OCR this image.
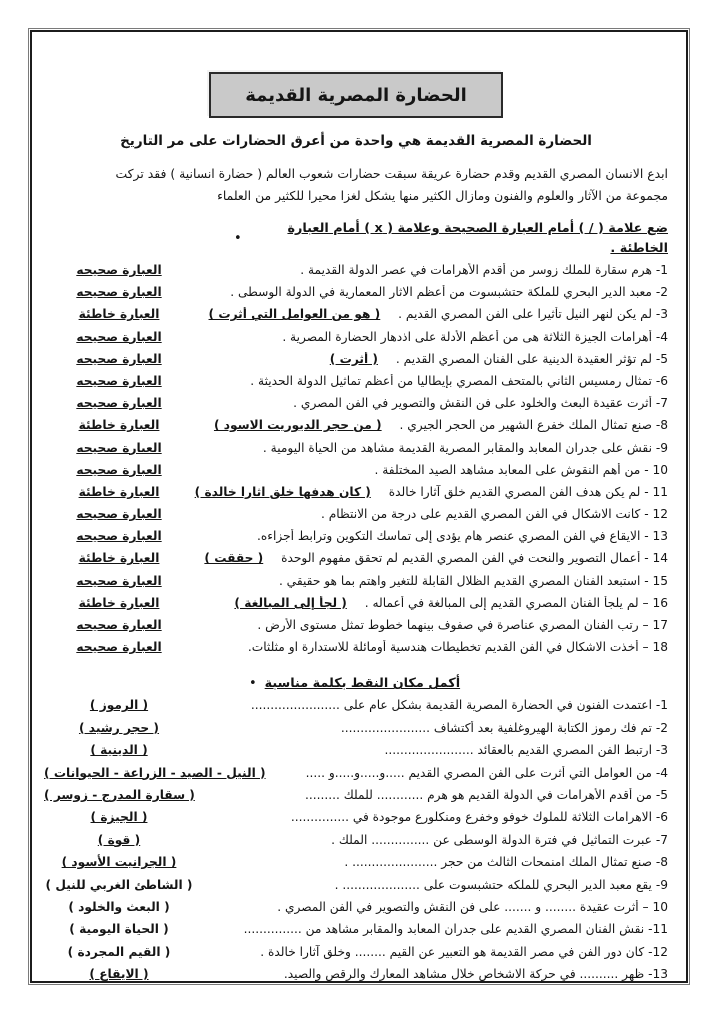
الحضارة المصرية القديمة
الحضارة المصرية القديمة هي واحدة من أعرق الحضارات على مر التاريخ
ابدع الانسان المصري القديم وقدم حضارة عريقة سبقت حضارات شعوب العالم ( حضارة انسانية ) فقد تركت
مجموعة من الآثار والعلوم والفنون ومازال الكثير منها يشكل لغزا محيرا للكثير من العلماء
•
ضع علامة ( / ) أمام العبارة الصحيحة وعلامة ( x ) أمام العبارة الخاطئة .
1- هرم سقارة للملك زوسر من أقدم الأهرامات في عصر الدولة القديمة .
العبارة صحيحه
2- معبد الدير البحري للملكة حتشبسوت من أعظم الاثار المعمارية في الدولة الوسطى .
العبارة صحيحه
3- لم يكن لنهر النيل تأثيرا على الفن المصري القديم . ( هو من العوامل التي أثرت )
العبارة خاطئة
4- أهرامات الجيزة الثلاثة هى من أعظم الأدلة على اذدهار الحضارة المصرية .
العبارة صحيحه
5- لم تؤثر العقيدة الدينية على الفنان المصري القديم . ( أثرت )
العبارة صحيحه
6- تمثال رمسيس الثاني بالمتحف المصري بإيطاليا من أعظم تماثيل الدولة الحديثة .
العبارة صحيحه
7- أثرت عقيدة البعث والخلود على فن النقش والتصوير في الفن المصري .
العبارة صحيحه
8- صنع تمثال الملك خفرع الشهير من الحجر الجيري . ( من حجر الديوريت الاسود )
العبارة خاطئة
9- نقش على جدران المعابد والمقابر المصرية القديمة مشاهد من الحياة اليومية .
العبارة صحيحه
10 - من أهم النقوش على المعابد مشاهد الصيد المختلفة .
العبارة صحيحه
11 - لم يكن هدف الفن المصري القديم خلق آثارا خالدة ( كان هدفها خلق اثارا خالدة )
العبارة خاطئة
12 - كانت الاشكال في الفن المصري القديم على درجة من الانتظام .
العبارة صحيحه
13 - الايقاع في الفن المصري عنصر هام يؤدى إلى تماسك التكوين وترابط أجزاءه.
العبارة صحيحه
14 - أعمال التصوير والنحت في الفن المصري القديم لم تحقق مفهوم الوحدة ( حققت )
العبارة خاطئة
15 - استبعد الفنان المصري القديم الظلال القابلة للتغير واهتم بما هو حقيقي .
العبارة صحيحه
16 – لم يلجأ الفنان المصري القديم إلى المبالغة في أعماله . ( لجأ إلى المبالغة )
العبارة خاطئة
17 – رتب الفنان المصري عناصرة في صفوف بينهما خطوط تمثل مستوى الأرض .
العبارة صحيحه
18 – أخذت الاشكال في الفن القديم تخطيطات هندسية أومائلة للاستدارة او مثلثات.
العبارة صحيحه
• أكمل مكان النقط بكلمة مناسبة
1- اعتمدت الفنون في الحضارة المصرية القديمة بشكل عام على .......................
( الرموز )
2- تم فك رموز الكتابة الهيروغلفية بعد أكتشاف .......................
( حجر رشيد )
3- ارتبط الفن المصري القديم بالعقائد .......................
( الدينية )
4- من العوامل التي أثرت على الفن المصري القديم .....و.....و.....و .....
( النيل - الصيد - الزراعة - الحيوانات )
5- من أقدم الأهرامات في الدولة القديم هو هرم ............ للملك .........
( سقارة المدرج - زوسر )
6- الاهرامات الثلاثة للملوك خوفو وخفرع ومنكلورع موجودة في ...............
( الجيزة )
7- عبرت التماثيل في فترة الدولة الوسطى عن ............... الملك .
( قوة )
8- صنع تمثال الملك امنمحات الثالث من حجر ...................... .
( الجرانيت الأسود )
9- يقع معبد الدير البحري للملكه حتشبسوت على .................... .
( الشاطئ الغربي للنيل )
10 – أثرت عقيدة ........ و ....... على فن النقش والتصوير في الفن المصري .
( البعث والخلود )
11- نقش الفنان المصري القديم على جدران المعابد والمقابر مشاهد من ...............
( الحياة اليومية )
12- كان دور الفن في مصر القديمة هو التعبير عن القيم ........ وخلق آثارا خالدة .
( القيم المجردة )
13- ظهر .......... في حركة الاشخاص خلال مشاهد المعارك والرقص والصيد.
( الايقاع )
